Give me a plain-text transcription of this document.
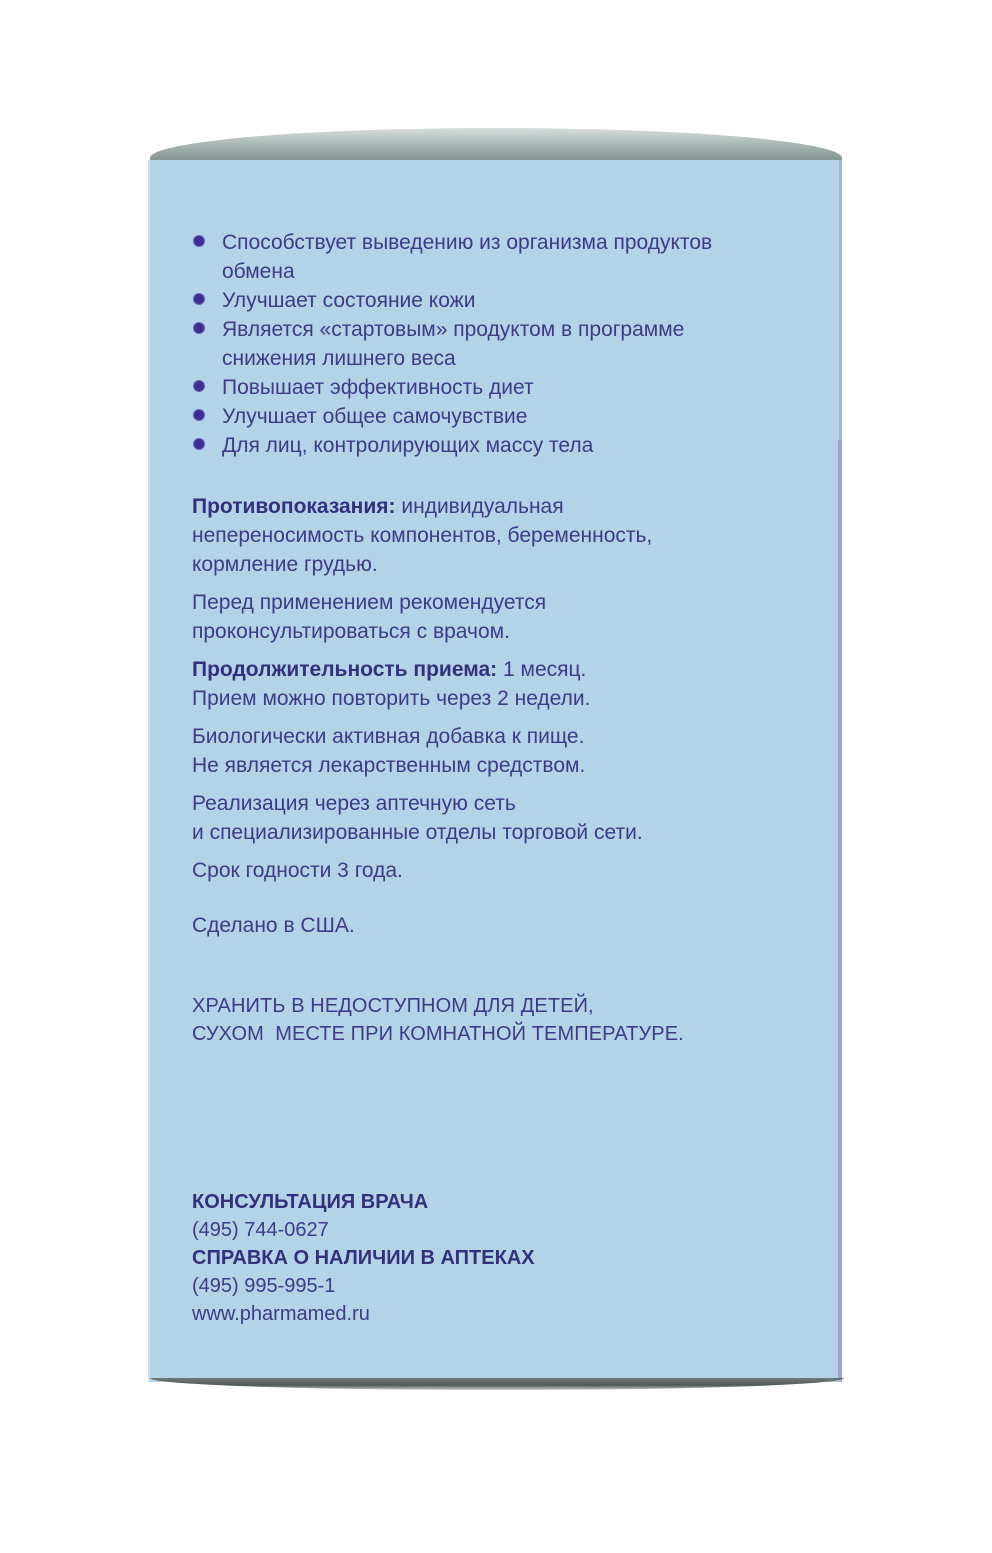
Способствует выведению из организма продуктов
обмена
Улучшает состояние кожи
Является «стартовым» продуктом в программе
снижения лишнего веса
Повышает эффективность диет
Улучшает общее самочувствие
Для лиц, контролирующих массу тела
Противопоказания: индивидуальная
непереносимость компонентов, беременность,
кормление грудью.
Перед применением рекомендуется
проконсультироваться с врачом.
Продолжительность приема: 1 месяц.
Прием можно повторить через 2 недели.
Биологически активная добавка к пище.
Не является лекарственным средством.
Реализация через аптечную сеть
и специализированные отделы торговой сети.
Срок годности 3 года.
Сделано в США.
ХРАНИТЬ В НЕДОСТУПНОМ ДЛЯ ДЕТЕЙ,
СУХОМ  МЕСТЕ ПРИ КОМНАТНОЙ ТЕМПЕРАТУРЕ.
КОНСУЛЬТАЦИЯ ВРАЧА
(495) 744-0627
СПРАВКА О НАЛИЧИИ В АПТЕКАХ
(495) 995-995-1
www.pharmamed.ru
